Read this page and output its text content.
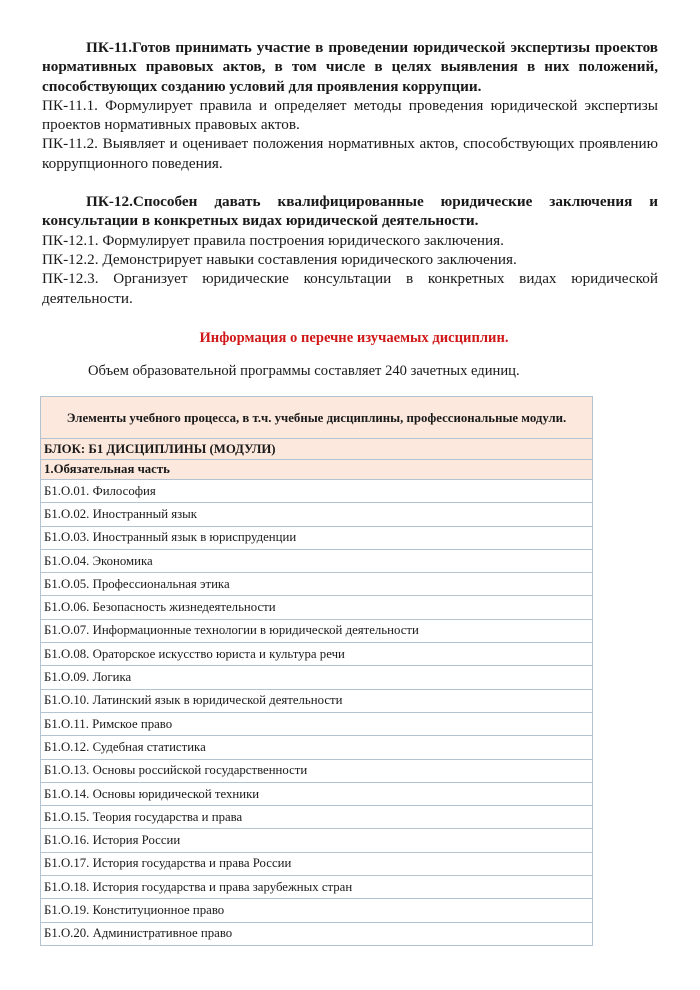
ПК-11.Готов принимать участие в проведении юридической экспертизы проектов нормативных правовых актов, в том числе в целях выявления в них положений, способствующих созданию условий для проявления коррупции.

ПК-11.1. Формулирует правила и определяет методы проведения юридической экспертизы проектов нормативных правовых актов.

ПК-11.2. Выявляет и оценивает положения нормативных актов, способствующих проявлению коррупционного поведения.

ПК-12.Способен давать квалифицированные юридические заключения и консультации в конкретных видах юридической деятельности.

ПК-12.1. Формулирует правила построения юридического заключения.

ПК-12.2. Демонстрирует навыки составления юридического заключения.

ПК-12.3. Организует юридические консультации в конкретных видах юридической деятельности.

Информация о перечне изучаемых дисциплин.

Объем образовательной программы составляет 240 зачетных единиц.

Элементы учебного процесса, в т.ч. учебные дисциплины, профессиональные модули.
БЛОК: Б1 ДИСЦИПЛИНЫ (МОДУЛИ)
1.Обязательная часть
Б1.О.01. Философия
Б1.О.02. Иностранный язык
Б1.О.03. Иностранный язык в юриспруденции
Б1.О.04. Экономика
Б1.О.05. Профессиональная этика
Б1.О.06. Безопасность жизнедеятельности
Б1.О.07. Информационные технологии в юридической деятельности
Б1.О.08. Ораторское искусство юриста и культура речи
Б1.О.09. Логика
Б1.О.10. Латинский язык в юридической деятельности
Б1.О.11. Римское право
Б1.О.12. Судебная статистика
Б1.О.13. Основы российской государственности
Б1.О.14. Основы юридической техники
Б1.О.15. Теория государства и права
Б1.О.16. История России
Б1.О.17. История государства и права России
Б1.О.18. История государства и права зарубежных стран
Б1.О.19. Конституционное право
Б1.О.20. Административное право
